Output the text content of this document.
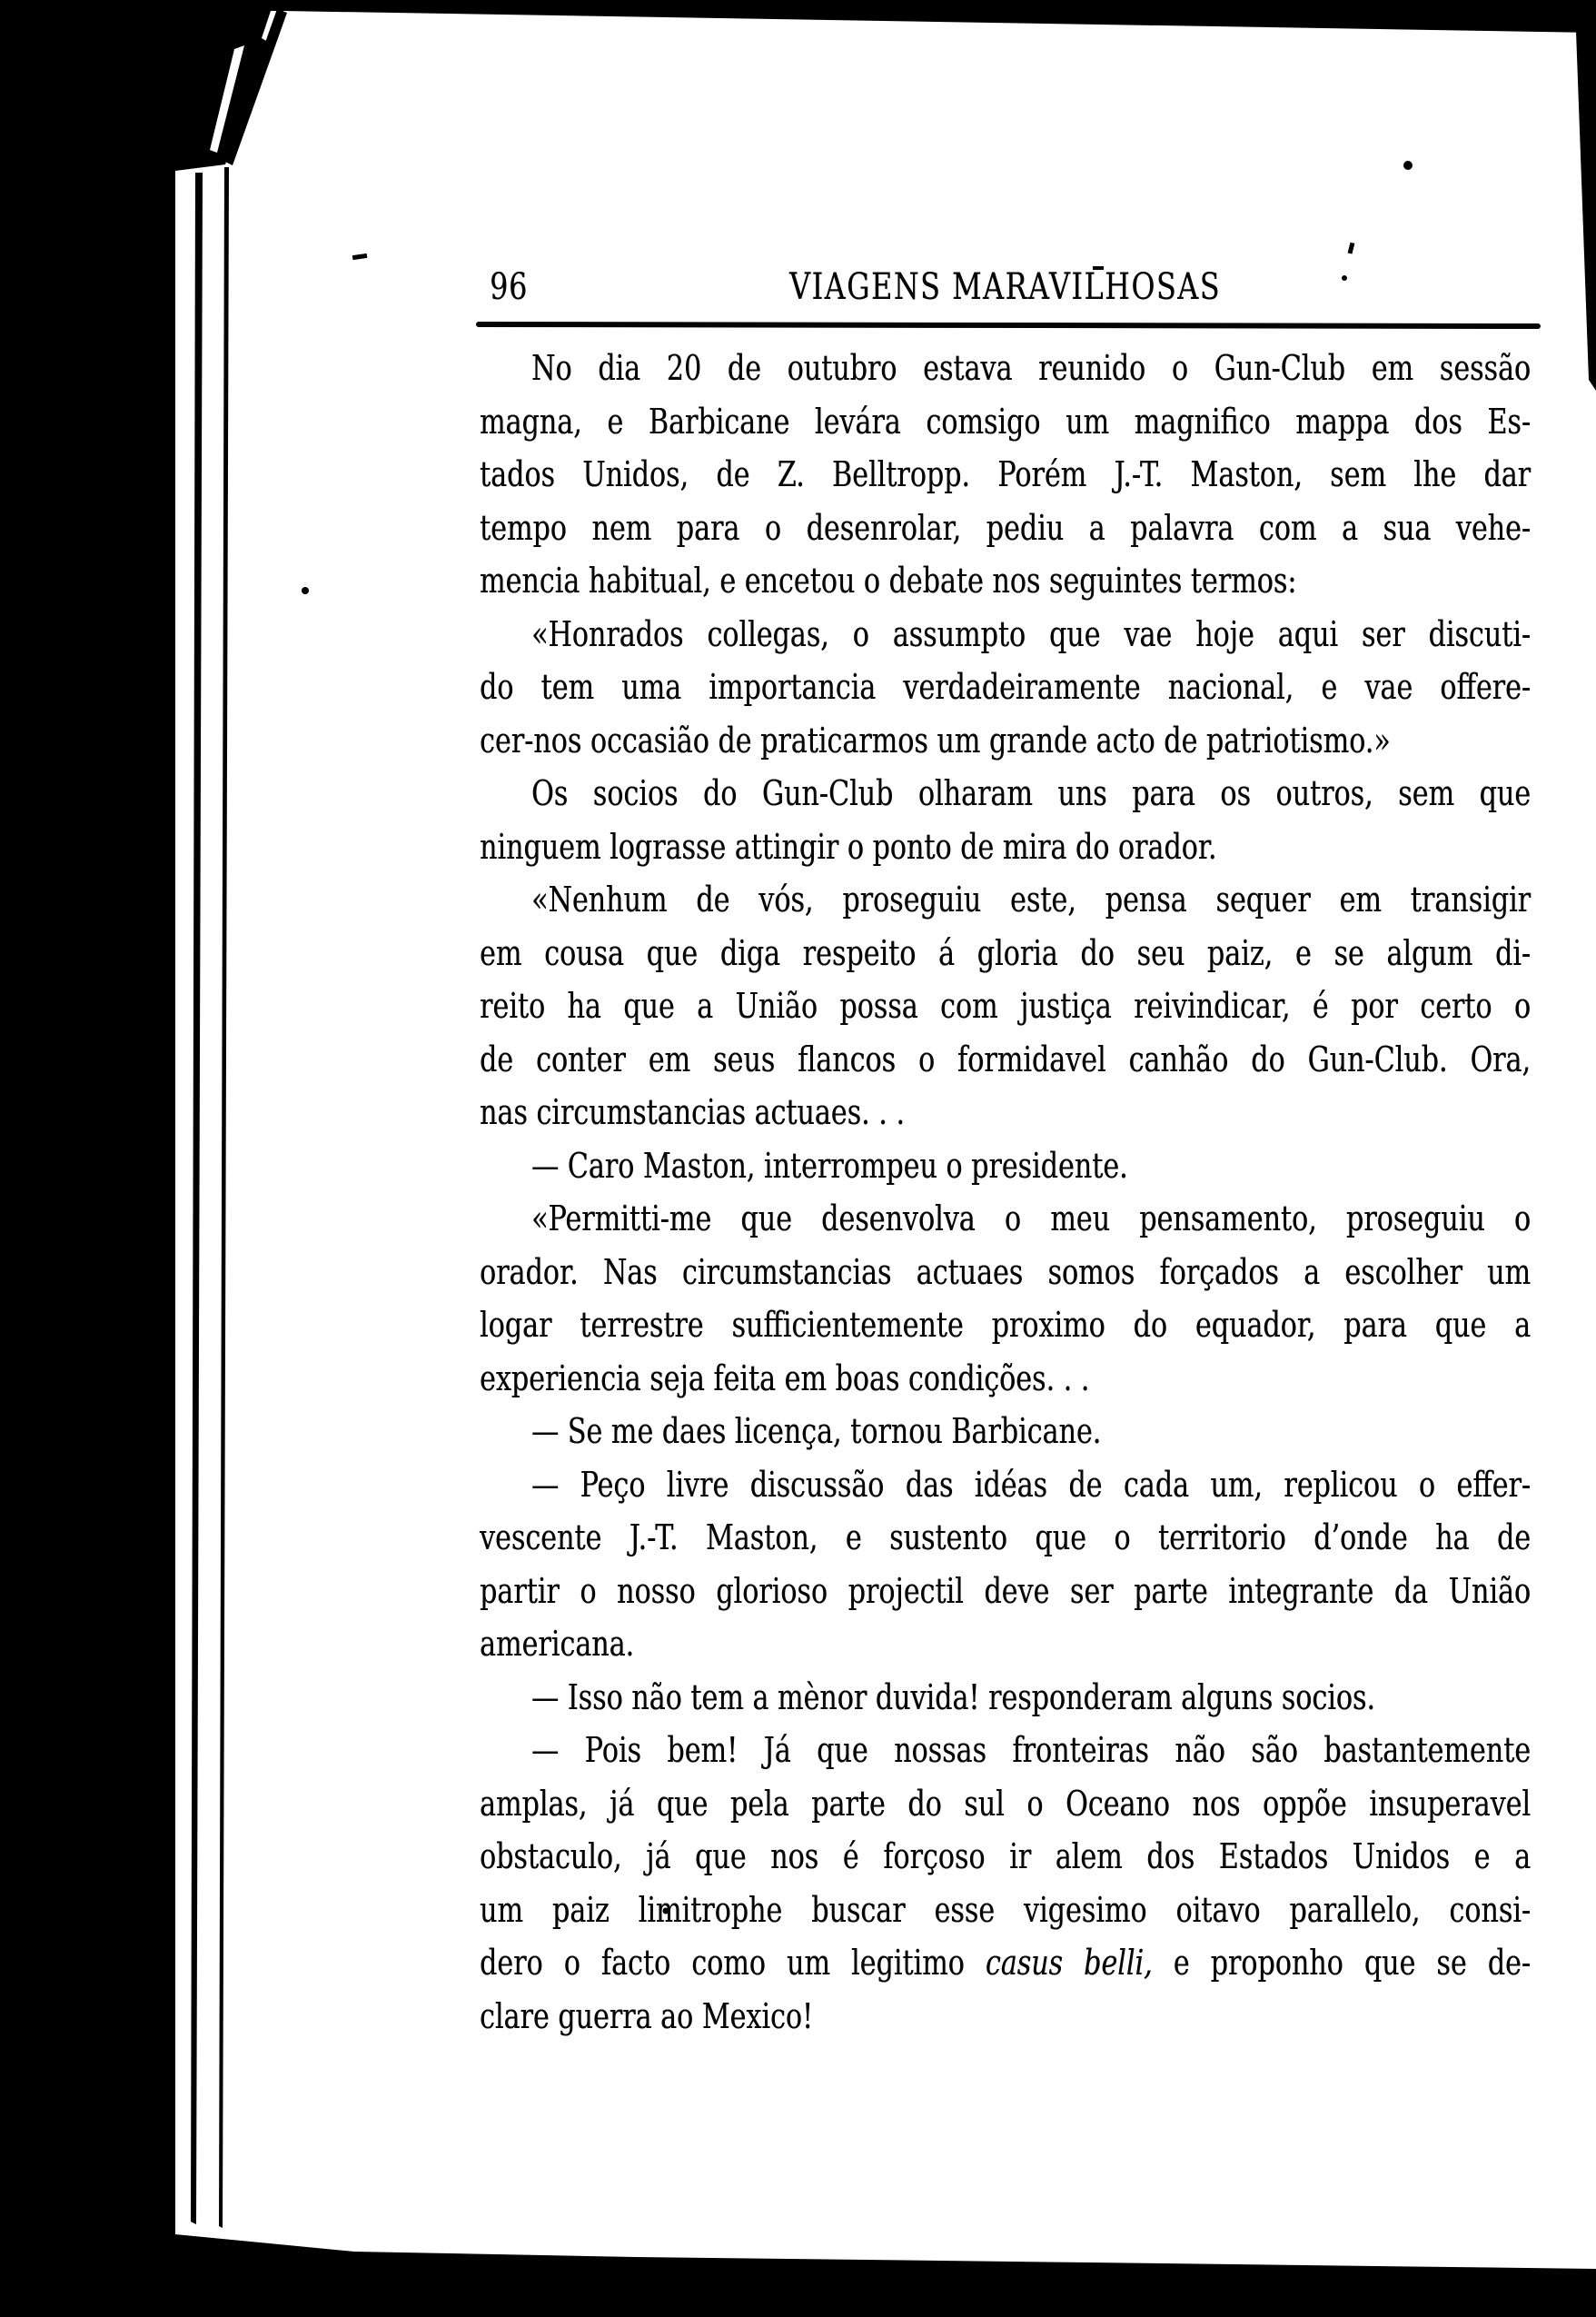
96	VIAGENS MARAVILHOSAS
No dia 20 de outubro estava reunido o Gun-Club em sessão
magna, e Barbicane levára comsigo um magnifico mappa dos Es-
tados Unidos, de Z. Belltropp. Porém J.-T. Maston, sem lhe dar
tempo nem para o desenrolar, pediu a palavra com a sua vehe-
mencia habitual, e encetou o debate nos seguintes termos:
«Honrados collegas, o assumpto que vae hoje aqui ser discuti-
do tem uma importancia verdadeiramente nacional, e vae offere-
cer-nos occasião de praticarmos um grande acto de patriotismo.»
Os socios do Gun-Club olharam uns para os outros, sem que
ninguem lograsse attingir o ponto de mira do orador.
«Nenhum de vós, proseguiu este, pensa sequer em transigir
em cousa que diga respeito á gloria do seu paiz, e se algum di-
reito ha que a União possa com justiça reivindicar, é por certo o
de conter em seus flancos o formidavel canhão do Gun-Club. Ora,
nas circumstancias actuaes. . .
— Caro Maston, interrompeu o presidente.
«Permitti-me que desenvolva o meu pensamento, proseguiu o
orador. Nas circumstancias actuaes somos forçados a escolher um
logar terrestre sufficientemente proximo do equador, para que a
experiencia seja feita em boas condições. . .
— Se me daes licença, tornou Barbicane.
— Peço livre discussão das idéas de cada um, replicou o effer-
vescente J.-T. Maston, e sustento que o territorio d’onde ha de
partir o nosso glorioso projectil deve ser parte integrante da União
americana.
— Isso não tem a mènor duvida! responderam alguns socios.
— Pois bem! Já que nossas fronteiras não são bastantemente
amplas, já que pela parte do sul o Oceano nos oppõe insuperavel
obstaculo, já que nos é forçoso ir alem dos Estados Unidos e a
um paiz limitrophe buscar esse vigesimo oitavo parallelo, consi-
dero o facto como um legitimo casus belli, e proponho que se de-
clare guerra ao Mexico!
